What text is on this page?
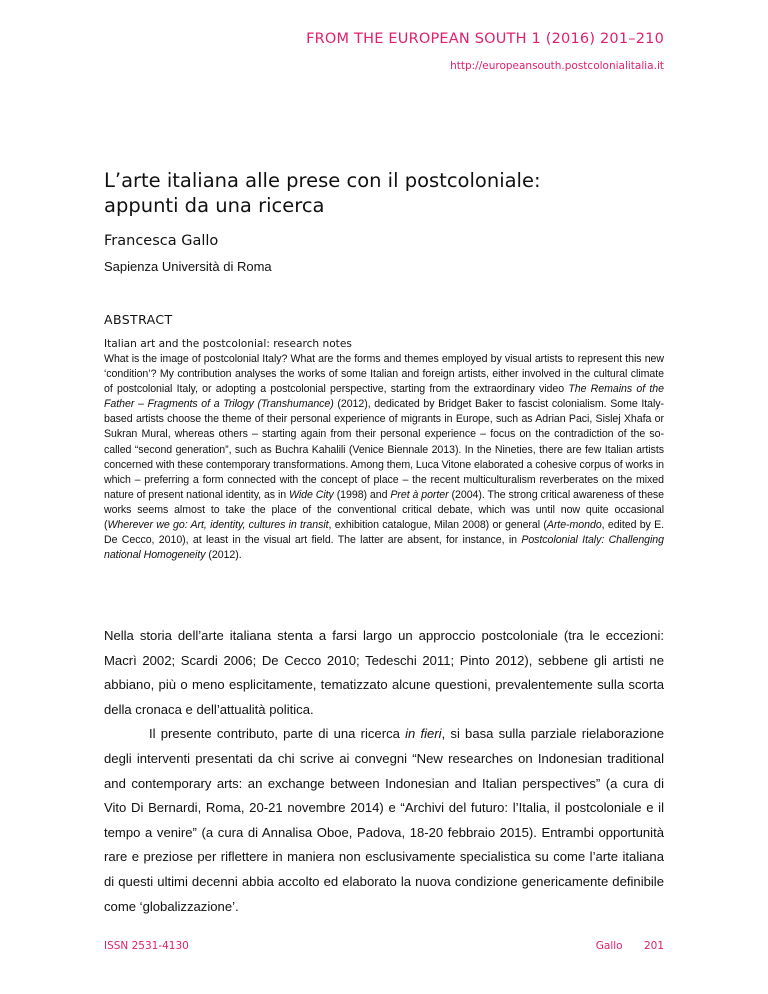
FROM THE EUROPEAN SOUTH 1 (2016) 201–210
http://europeansouth.postcolonialitalia.it
L’arte italiana alle prese con il postcoloniale:
appunti da una ricerca
Francesca Gallo
Sapienza Università di Roma
ABSTRACT
Italian art and the postcolonial: research notes

What is the image of postcolonial Italy? What are the forms and themes employed by visual artists to represent this new ‘condition’? My contribution analyses the works of some Italian and foreign artists, either involved in the cultural climate of postcolonial Italy, or adopting a postcolonial perspective, starting from the extraordinary video The Remains of the Father – Fragments of a Trilogy (Transhumance) (2012), dedicated by Bridget Baker to fascist colonialism. Some Italy-based artists choose the theme of their personal experience of migrants in Europe, such as Adrian Paci, Sislej Xhafa or Sukran Mural, whereas others – starting again from their personal experience – focus on the contradiction of the so-called “second generation”, such as Buchra Kahalili (Venice Biennale 2013). In the Nineties, there are few Italian artists concerned with these contemporary transformations. Among them, Luca Vitone elaborated a cohesive corpus of works in which – preferring a form connected with the concept of place – the recent multiculturalism reverberates on the mixed nature of present national identity, as in Wide City (1998) and Pret à porter (2004). The strong critical awareness of these works seems almost to take the place of the conventional critical debate, which was until now quite occasional (Wherever we go: Art, identity, cultures in transit, exhibition catalogue, Milan 2008) or general (Arte-mondo, edited by E. De Cecco, 2010), at least in the visual art field. The latter are absent, for instance, in Postcolonial Italy: Challenging national Homogeneity (2012).

Nella storia dell’arte italiana stenta a farsi largo un approccio postcoloniale (tra le eccezioni: Macrì 2002; Scardi 2006; De Cecco 2010; Tedeschi 2011; Pinto 2012), sebbene gli artisti ne abbiano, più o meno esplicitamente, tematizzato alcune questioni, prevalentemente sulla scorta della cronaca e dell’attualità politica.

Il presente contributo, parte di una ricerca in fieri, si basa sulla parziale rielaborazione degli interventi presentati da chi scrive ai convegni “New researches on Indonesian traditional and contemporary arts: an exchange between Indonesian and Italian perspectives” (a cura di Vito Di Bernardi, Roma, 20-21 novembre 2014) e “Archivi del futuro: l’Italia, il postcoloniale e il tempo a venire” (a cura di Annalisa Oboe, Padova, 18-20 febbraio 2015). Entrambi opportunità rare e preziose per riflettere in maniera non esclusivamente specialistica su come l’arte italiana di questi ultimi decenni abbia accolto ed elaborato la nuova condizione genericamente definibile come ‘globalizzazione’.

ISSN 2531-4130	Gallo 201
